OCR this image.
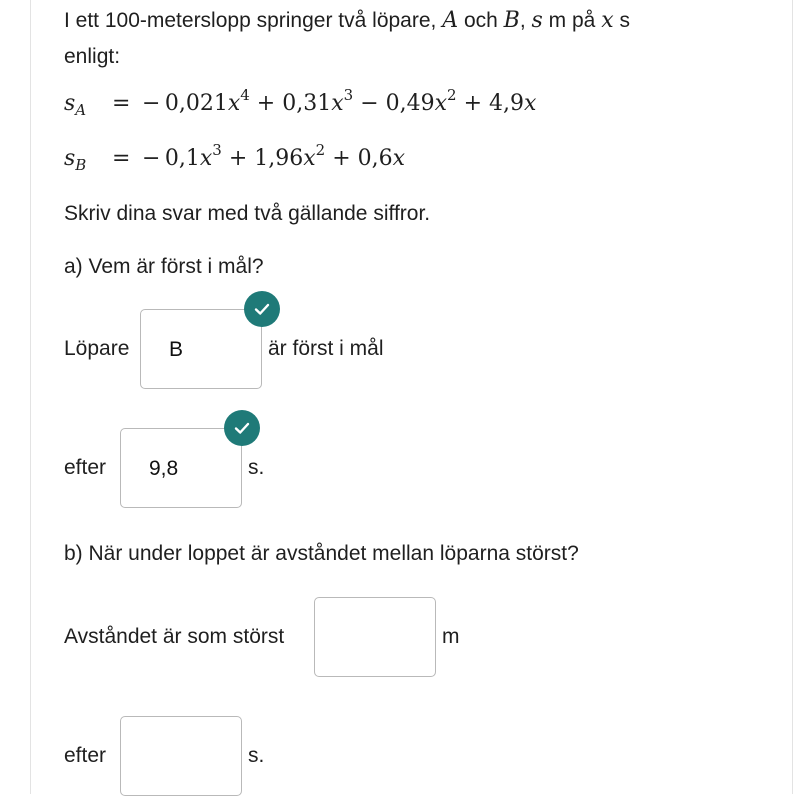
I ett 100-meterslopp springer två löpare, A och B, s m på x s
enligt:
$s_A$ = −  $0,021x^4 + 0,31x^3 - 0,49x^2 + 4,9x$
$s_B$ = −  $0,1x^3 + 1,96x^2 + 0,6x$
Skriv dina svar med två gällande siffror.
a) Vem är först i mål?
Löpare	B	är först i mål
efter	9,8	s.
b) När under loppet är avståndet mellan löparna störst?
Avståndet är som störst	m
efter	s.
